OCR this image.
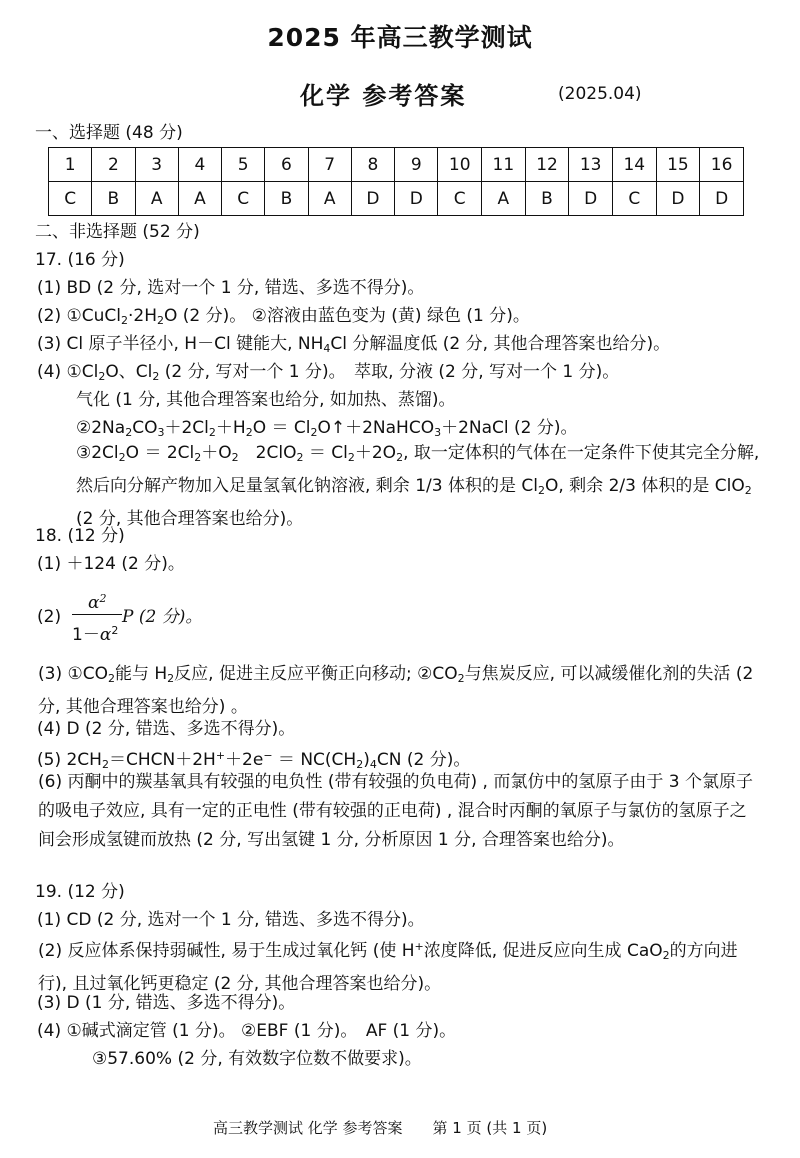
2025 年高三教学测试
化学 参考答案	(2025.04)
一、选择题 (48 分)
1	2	3	4	5	6	7	8	9	10	11	12	13	14	15	16
C	B	A	A	C	B	A	D	D	C	A	B	D	C	D	D
二、非选择题 (52 分)
17. (16 分)
(1) BD (2 分, 选对一个 1 分, 错选、多选不得分)。
(2) $①CuCl_2\cdot 2H_2O$ (2 分)。 ②溶液由蓝色变为 (黄) 绿色 (1 分)。
(3) Cl 原子半径小, H－Cl 键能大, $NH_4Cl$ 分解温度低 (2 分, 其他合理答案也给分)。
(4) $①Cl_2O$、$Cl_2$ (2 分, 写对一个 1 分)。　萃取, 分液 (2 分, 写对一个 1 分)。
气化 (1 分, 其他合理答案也给分, 如加热、蒸馏)。
$②2Na_2CO_3+2Cl_2+H_2O$ ＝ $Cl_2O↑+2NaHCO_3+2NaCl$ (2 分)。
$③2Cl_2O = 2Cl_2+O_2$　$2ClO_2 = Cl_2+2O_2$, 取一定体积的气体在一定条件下使其完全分解, 然后向分解产物加入足量氢氧化钠溶液, 剩余 1/3 体积的是 $Cl_2O$, 剩余 2/3 体积的是 ClO$_2$ (2 分, 其他合理答案也给分)。
18. (12 分)
(1) ＋124 (2 分)。
(2)
$\alpha^2$
$1-\alpha^2$
P (2 分)。
(3) $①CO_2$能与 $H_2$反应, 促进主反应平衡正向移动; $②CO_2$与焦炭反应, 可以减缓催化剂的失活 (2 分, 其他合理答案也给分) 。
(4) D (2 分, 错选、多选不得分)。
(5) $2CH_2=CHCN+2H^++2e^- = NC(CH_2)_4CN$ (2 分)。
(6) 丙酮中的羰基氧具有较强的电负性 (带有较强的负电荷) , 而氯仿中的氢原子由于 3 个氯原子的吸电子效应, 具有一定的正电性 (带有较强的正电荷) , 混合时丙酮的氧原子与氯仿的氢原子之间会形成氢键而放热 (2 分, 写出氢键 1 分, 分析原因 1 分, 合理答案也给分)。
19. (12 分)
(1) CD (2 分, 选对一个 1 分, 错选、多选不得分)。
(2) 反应体系保持弱碱性, 易于生成过氧化钙 (使 H+浓度降低, 促进反应向生成 CaO$_2$的方向进行), 且过氧化钙更稳定 (2 分, 其他合理答案也给分)。
(3) D (1 分, 错选、多选不得分)。
(4) ①碱式滴定管 (1 分)。 ②EBF (1 分)。　AF (1 分)。
③57.60% (2 分, 有效数字位数不做要求)。
高三教学测试 化学 参考答案　　第 1 页 (共 1 页)
